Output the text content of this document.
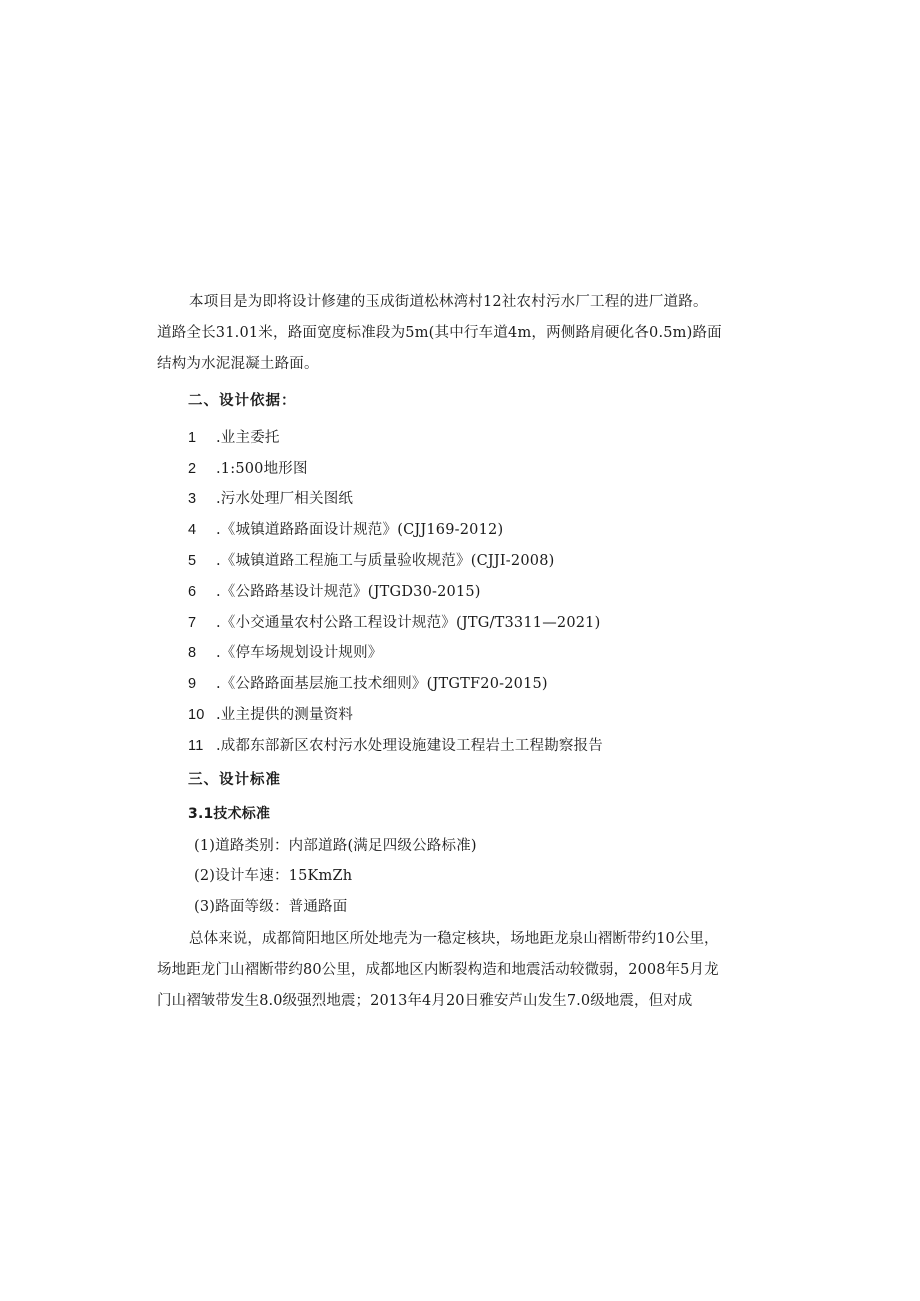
本项目是为即将设计修建的玉成街道松林湾村12社农村污水厂工程的进厂道路。道路全长31.01米，路面宽度标准段为5m(其中行车道4m，两侧路肩硬化各0.5m)路面结构为水泥混凝土路面。
二、设计依据：
1 .业主委托
2 .1:500地形图
3 .污水处理厂相关图纸
4 .《城镇道路路面设计规范》(CJJ169-2012)
5 .《城镇道路工程施工与质量验收规范》(CJJI-2008)
6 .《公路路基设计规范》(JTGD30-2015)
7 .《小交通量农村公路工程设计规范》(JTG/T3311—2021)
8 .《停车场规划设计规则》
9 .《公路路面基层施工技术细则》(JTGTF20-2015)
10 .业主提供的测量资料
11 .成都东部新区农村污水处理设施建设工程岩土工程勘察报告
三、设计标准
3.1技术标准
(1)道路类别：内部道路(满足四级公路标准)
(2)设计车速：15KmZh
(3)路面等级：普通路面
总体来说，成都简阳地区所处地壳为一稳定核块，场地距龙泉山褶断带约10公里，场地距龙门山褶断带约80公里，成都地区内断裂构造和地震活动较微弱，2008年5月龙门山褶皱带发生8.0级强烈地震；2013年4月20日雅安芦山发生7.0级地震，但对成
